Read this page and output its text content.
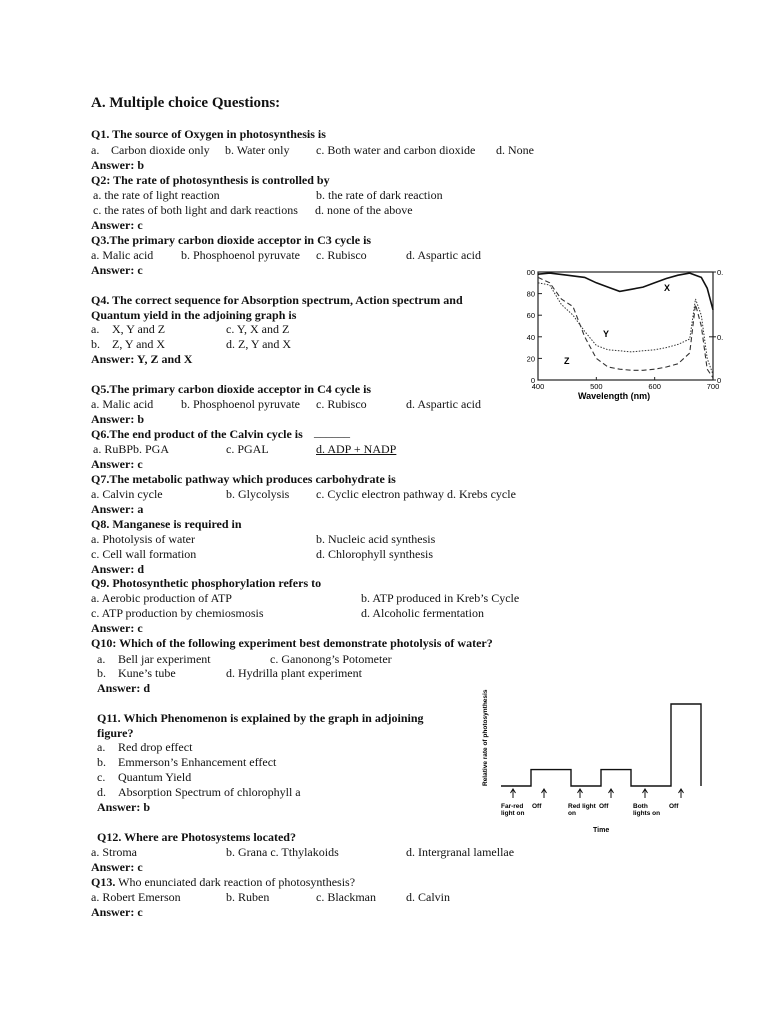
A. Multiple choice Questions:
Q1. The source of Oxygen in photosynthesis is
a. Carbon dioxide only b. Water only c. Both water and carbon dioxide d. None
Answer: b
Q2: The rate of photosynthesis is controlled by
a. the rate of light reaction	b. the rate of dark reaction
c. the rates of both light and dark reactions d. none of the above
Answer: c
Q3.The primary carbon dioxide acceptor in C3 cycle is
a. Malic acid b. Phosphoenol pyruvate c. Rubisco	d. Aspartic acid
Answer: c
Q4. The correct sequence for Absorption spectrum, Action spectrum and
Quantum yield in the adjoining graph is
a. X, Y and Z	c. Y, X and Z
b. Z, Y and X	d. Z, Y and X
Answer: Y, Z and X
0
20
40
60
80
00
400	500	600	700
0
0.
0.
X
Y
Z
Wavelength (nm)
Q5.The primary carbon dioxide acceptor in C4 cycle is
a. Malic acid b. Phosphoenol pyruvate c. Rubisco	d. Aspartic acid
Answer: b
Q6.The end product of the Calvin cycle is ______
a. RuBPb. PGA	c. PGAL	d. ADP + NADP
Answer: c
Q7.The metabolic pathway which produces carbohydrate is
a. Calvin cycle	b. Glycolysis c. Cyclic electron pathway d. Krebs cycle
Answer: a
Q8. Manganese is required in
a. Photolysis of water	b. Nucleic acid synthesis
c. Cell wall formation	d. Chlorophyll synthesis
Answer: d
Q9. Photosynthetic phosphorylation refers to
a. Aerobic production of ATP	b. ATP produced in Kreb’s Cycle
c. ATP production by chemiosmosis	d. Alcoholic fermentation
Answer: c
Q10: Which of the following experiment best demonstrate photolysis of water?
a. Bell jar experiment	c. Ganonong’s Potometer
b. Kune’s tube	d. Hydrilla plant experiment
Answer: d
Q11. Which Phenomenon is explained by the graph in adjoining
figure?
a. Red drop effect
b. Emmerson’s Enhancement effect
c. Quantum Yield
d. Absorption Spectrum of chlorophyll a
Answer: b
Relative rate of photosynthesis
Far-red light on
Off	Red light on
Off	Both lights on
Off
Time
Q12. Where are Photosystems located?
a. Stroma	b. Grana c. Tthylakoids	d. Intergranal lamellae
Answer: c
Q13. Who enunciated dark reaction of photosynthesis?
a. Robert Emerson	b. Ruben	c. Blackman	d. Calvin
Answer: c
